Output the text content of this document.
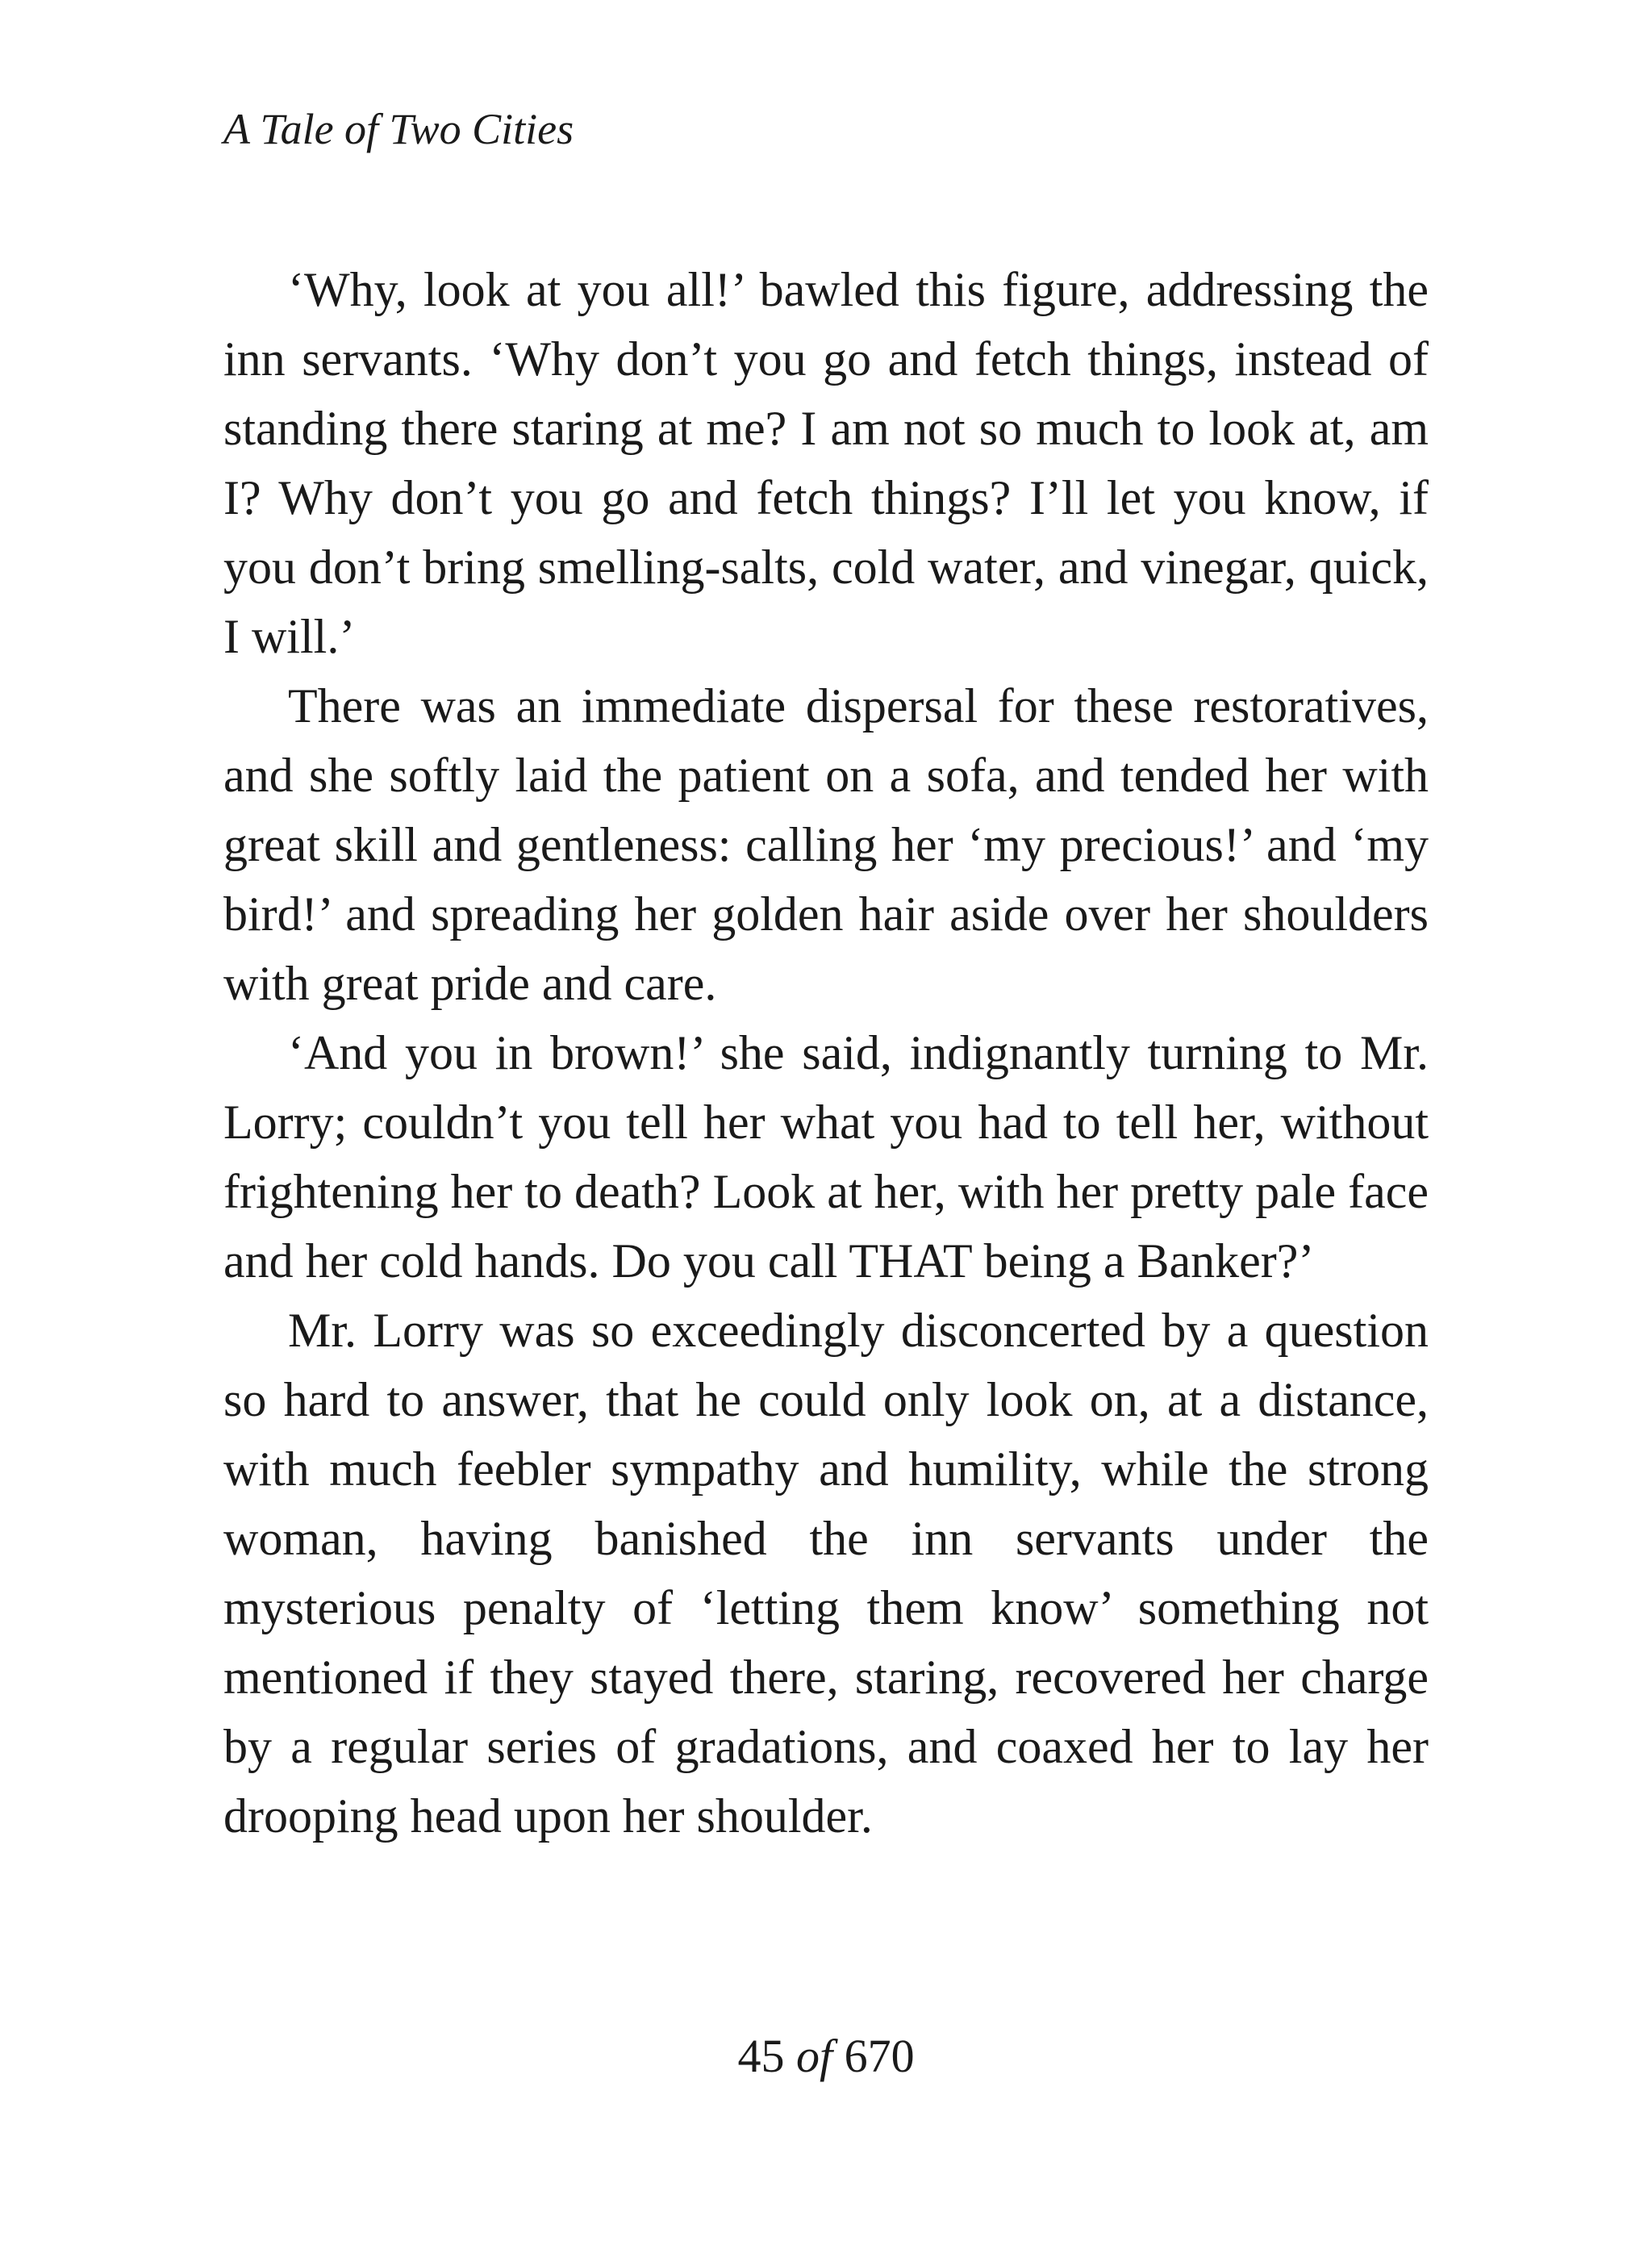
A Tale of Two Cities

‘Why, look at you all!’ bawled this figure, addressing the inn servants. ‘Why don’t you go and fetch things, instead of standing there staring at me? I am not so much to look at, am I? Why don’t you go and fetch things? I’ll let you know, if you don’t bring smelling-salts, cold water, and vinegar, quick, I will.’

There was an immediate dispersal for these restoratives, and she softly laid the patient on a sofa, and tended her with great skill and gentleness: calling her ‘my precious!’ and ‘my bird!’ and spreading her golden hair aside over her shoulders with great pride and care.

‘And you in brown!’ she said, indignantly turning to Mr. Lorry; couldn’t you tell her what you had to tell her, without frightening her to death? Look at her, with her pretty pale face and her cold hands. Do you call THAT being a Banker?’

Mr. Lorry was so exceedingly disconcerted by a question so hard to answer, that he could only look on, at a distance, with much feebler sympathy and humility, while the strong woman, having banished the inn servants under the mysterious penalty of ‘letting them know’ something not mentioned if they stayed there, staring, recovered her charge by a regular series of gradations, and coaxed her to lay her drooping head upon her shoulder.

45 of 670
